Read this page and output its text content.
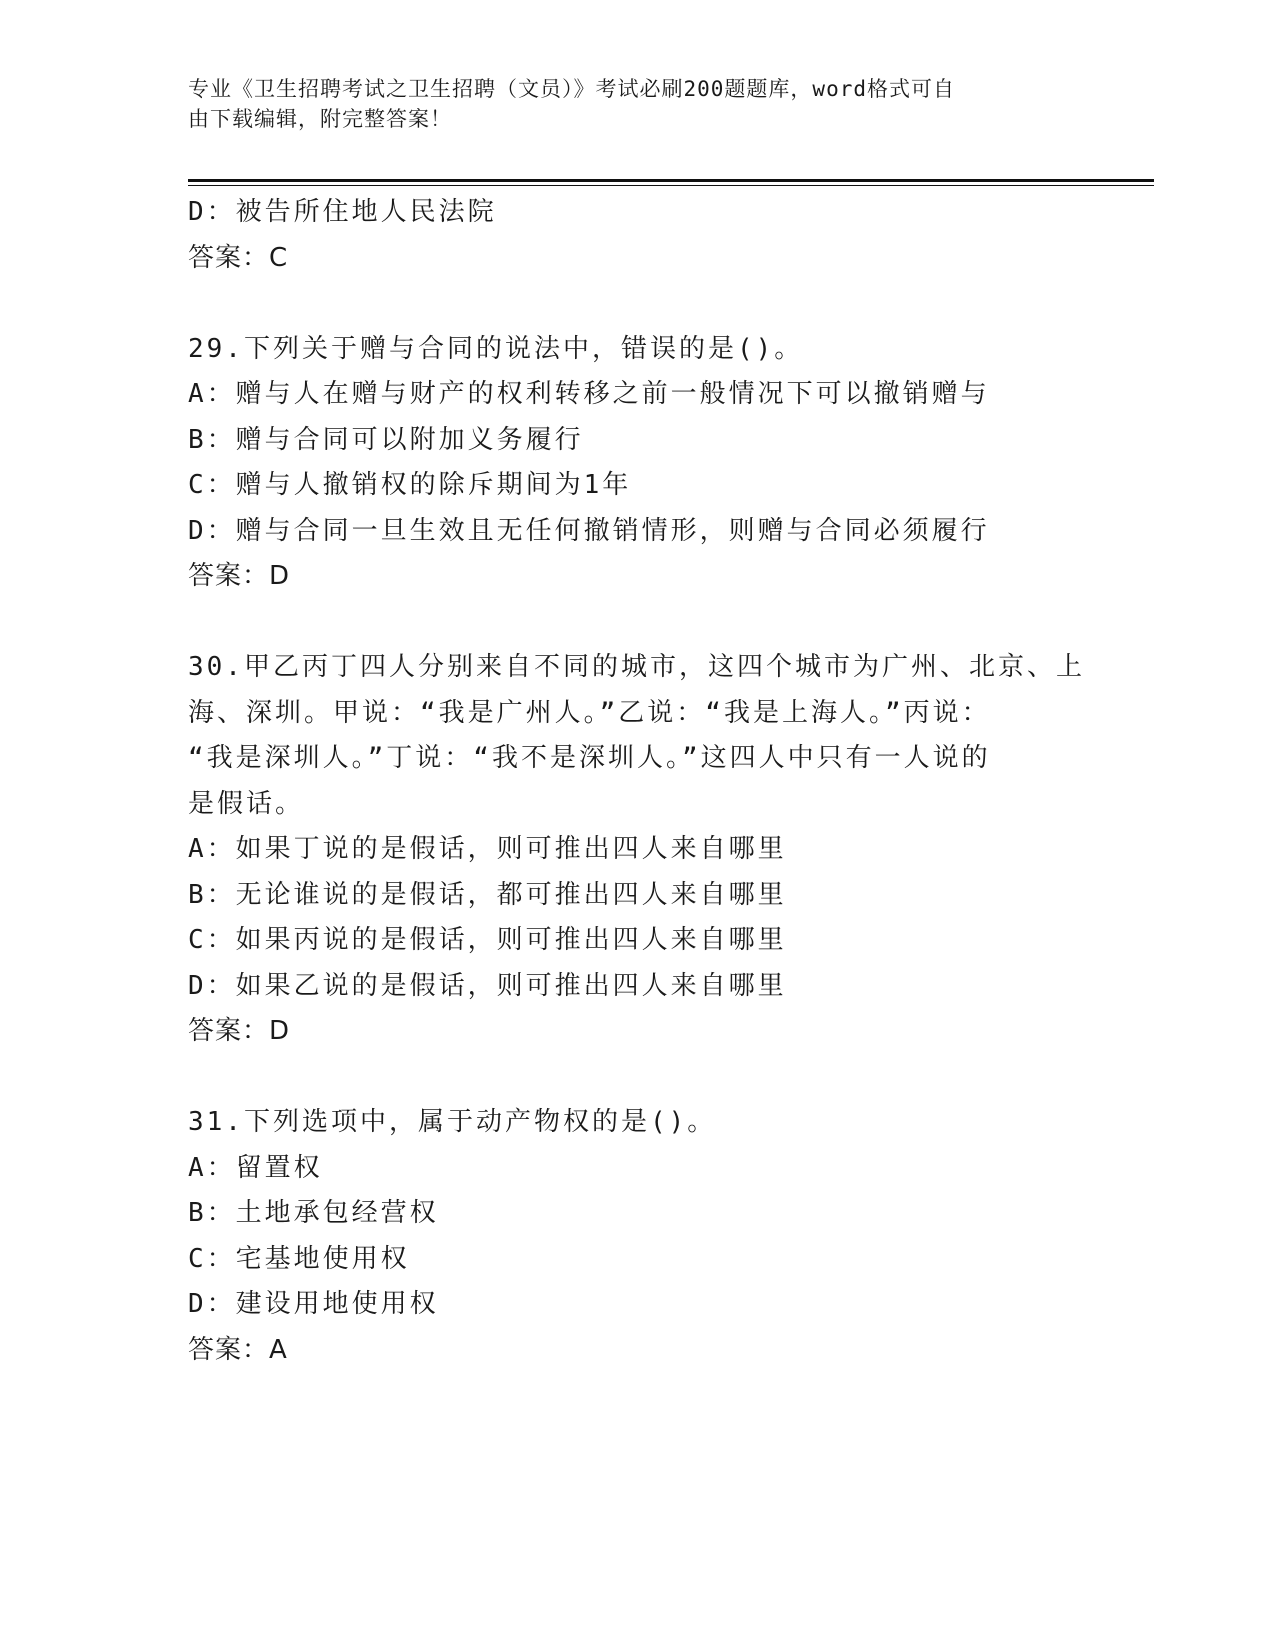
专业《卫生招聘考试之卫生招聘（文员）》考试必刷200题题库，word格式可自
由下载编辑，附完整答案！
D：被告所住地人民法院
答案：C
29.下列关于赠与合同的说法中，错误的是()。
A：赠与人在赠与财产的权利转移之前一般情况下可以撤销赠与
B：赠与合同可以附加义务履行
C：赠与人撤销权的除斥期间为1年
D：赠与合同一旦生效且无任何撤销情形，则赠与合同必须履行
答案：D
30.甲乙丙丁四人分别来自不同的城市，这四个城市为广州、北京、上
海、深圳。甲说：“我是广州人。”乙说：“我是上海人。”丙说：
“我是深圳人。”丁说：“我不是深圳人。”这四人中只有一人说的
是假话。
A：如果丁说的是假话，则可推出四人来自哪里
B：无论谁说的是假话，都可推出四人来自哪里
C：如果丙说的是假话，则可推出四人来自哪里
D：如果乙说的是假话，则可推出四人来自哪里
答案：D
31.下列选项中，属于动产物权的是()。
A：留置权
B：土地承包经营权
C：宅基地使用权
D：建设用地使用权
答案：A
